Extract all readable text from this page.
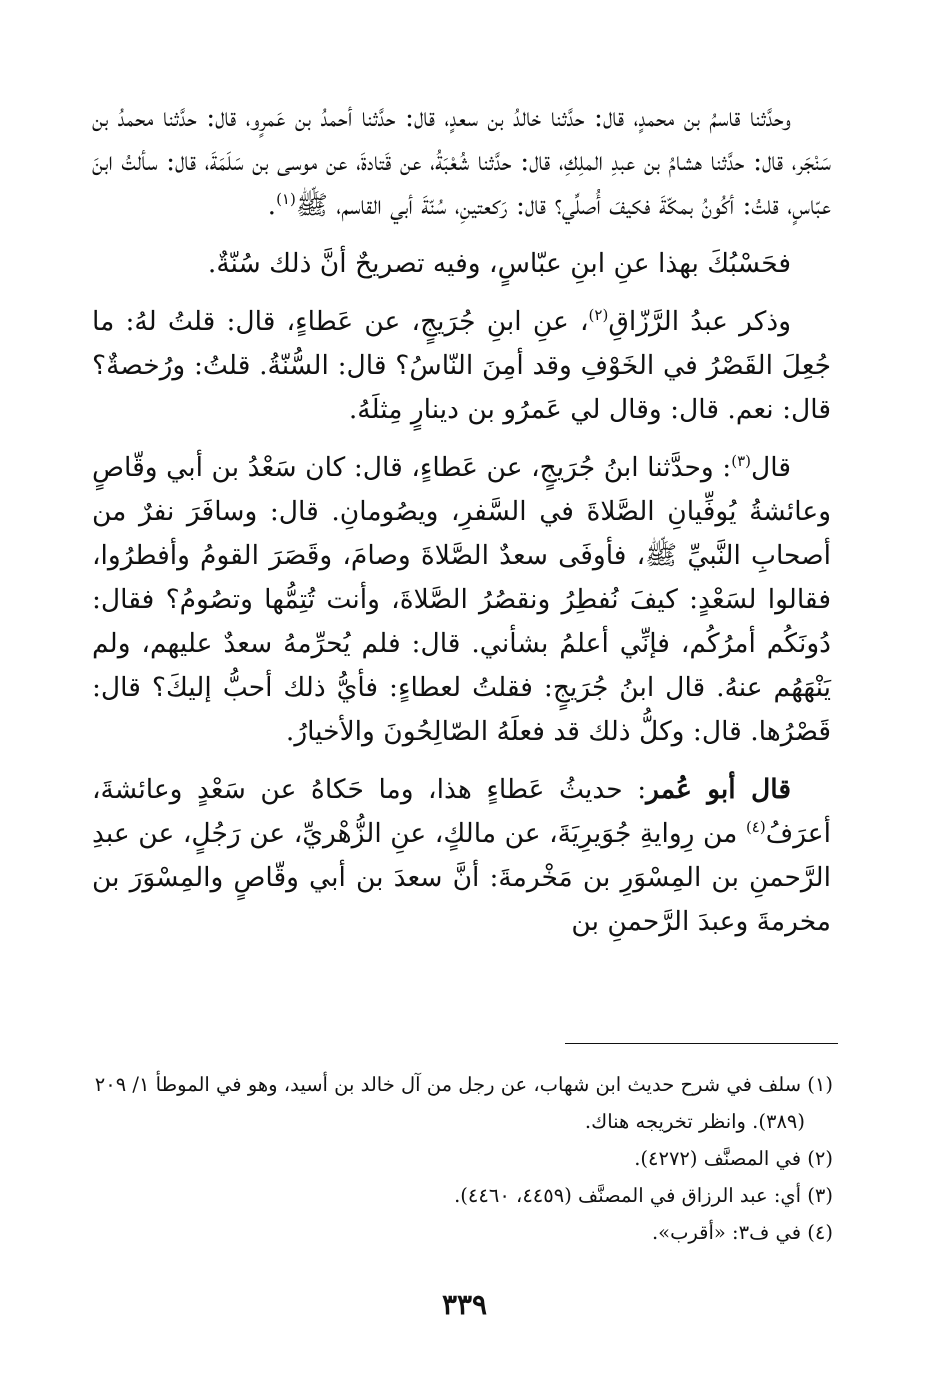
وحدَّثنا قاسمُ بن محمدٍ، قال: حدَّثنا خالدُ بن سعدٍ، قال: حدَّثنا أحمدُ بن عَمرٍو، قال: حدَّثنا محمدُ بن سَنْجَر، قال: حدَّثنا هشامُ بن عبدِ الملِكِ، قال: حدَّثنا شُعْبَةُ، عن قَتادةَ، عن موسى بن سَلَمَةَ، قال: سألتُ ابنَ عبّاسٍ، قلتُ: أكُونُ بمكّةَ فكيفَ أُصلِّي؟ قال: رَكعتينِ، سُنّةَ أبي القاسم، ﷺ$^{(١)}$.

فحَسْبُكَ بهذا عنِ ابنِ عبّاسٍ، وفيه تصريحٌ أنَّ ذلك سُنّةٌ.

وذكر عبدُ الرَّزّاقِ$^{(٢)}$، عنِ ابنِ جُرَيجٍ، عن عَطاءٍ، قال: قلتُ لهُ: ما جُعِلَ القَصْرُ في الخَوْفِ وقد أمِنَ النّاسُ؟ قال: السُّنّةُ. قلتُ: ورُخصةٌ؟ قال: نعم. قال: وقال لي عَمرُو بن دينارٍ مِثلَهُ.

قال$^{(٣)}$: وحدَّثنا ابنُ جُرَيجٍ، عن عَطاءٍ، قال: كان سَعْدُ بن أبي وقّاصٍ وعائشةُ يُوفِّيانِ الصَّلاةَ في السَّفرِ، ويصُومانِ. قال: وسافَرَ نفرٌ من أصحابِ النَّبيِّ ﷺ، فأوفَى سعدٌ الصَّلاةَ وصامَ، وقَصَرَ القومُ وأفطرُوا، فقالوا لسَعْدٍ: كيفَ نُفطِرُ ونقصُرُ الصَّلاةَ، وأنت تُتِمُّها وتصُومُ؟ فقال: دُونَكُم أمرُكُم، فإنِّي أعلمُ بشأني. قال: فلم يُحرِّمهُ سعدٌ عليهم، ولم يَنْهَهُم عنهُ. قال ابنُ جُرَيجٍ: فقلتُ لعطاءٍ: فأيُّ ذلك أحبُّ إليكَ؟ قال: قَصْرُها. قال: وكلُّ ذلك قد فعلَهُ الصّالِحُونَ والأخيارُ.

قال أبو عُمر: حديثُ عَطاءٍ هذا، وما حَكاهُ عن سَعْدٍ وعائشةَ، أعرَفُ$^{(٤)}$ من رِوايةِ جُوَيرِيَةَ، عن مالكٍ، عنِ الزُّهْريِّ، عن رَجُلٍ، عن عبدِ الرَّحمنِ بن المِسْوَرِ بن مَخْرمةَ: أنَّ سعدَ بن أبي وقّاصٍ والمِسْوَرَ بن مخرمةَ وعبدَ الرَّحمنِ بن

(١) سلف في شرح حديث ابن شهاب، عن رجل من آل خالد بن أسيد، وهو في الموطأ ١/ ٢٠٩

(٣٨٩). وانظر تخريجه هناك.

(٢) في المصنَّف (٤٢٧٢).

(٣) أي: عبد الرزاق في المصنَّف (٤٤٥٩، ٤٤٦٠).

(٤) في ف٣: «أقرب».

٣٣٩
